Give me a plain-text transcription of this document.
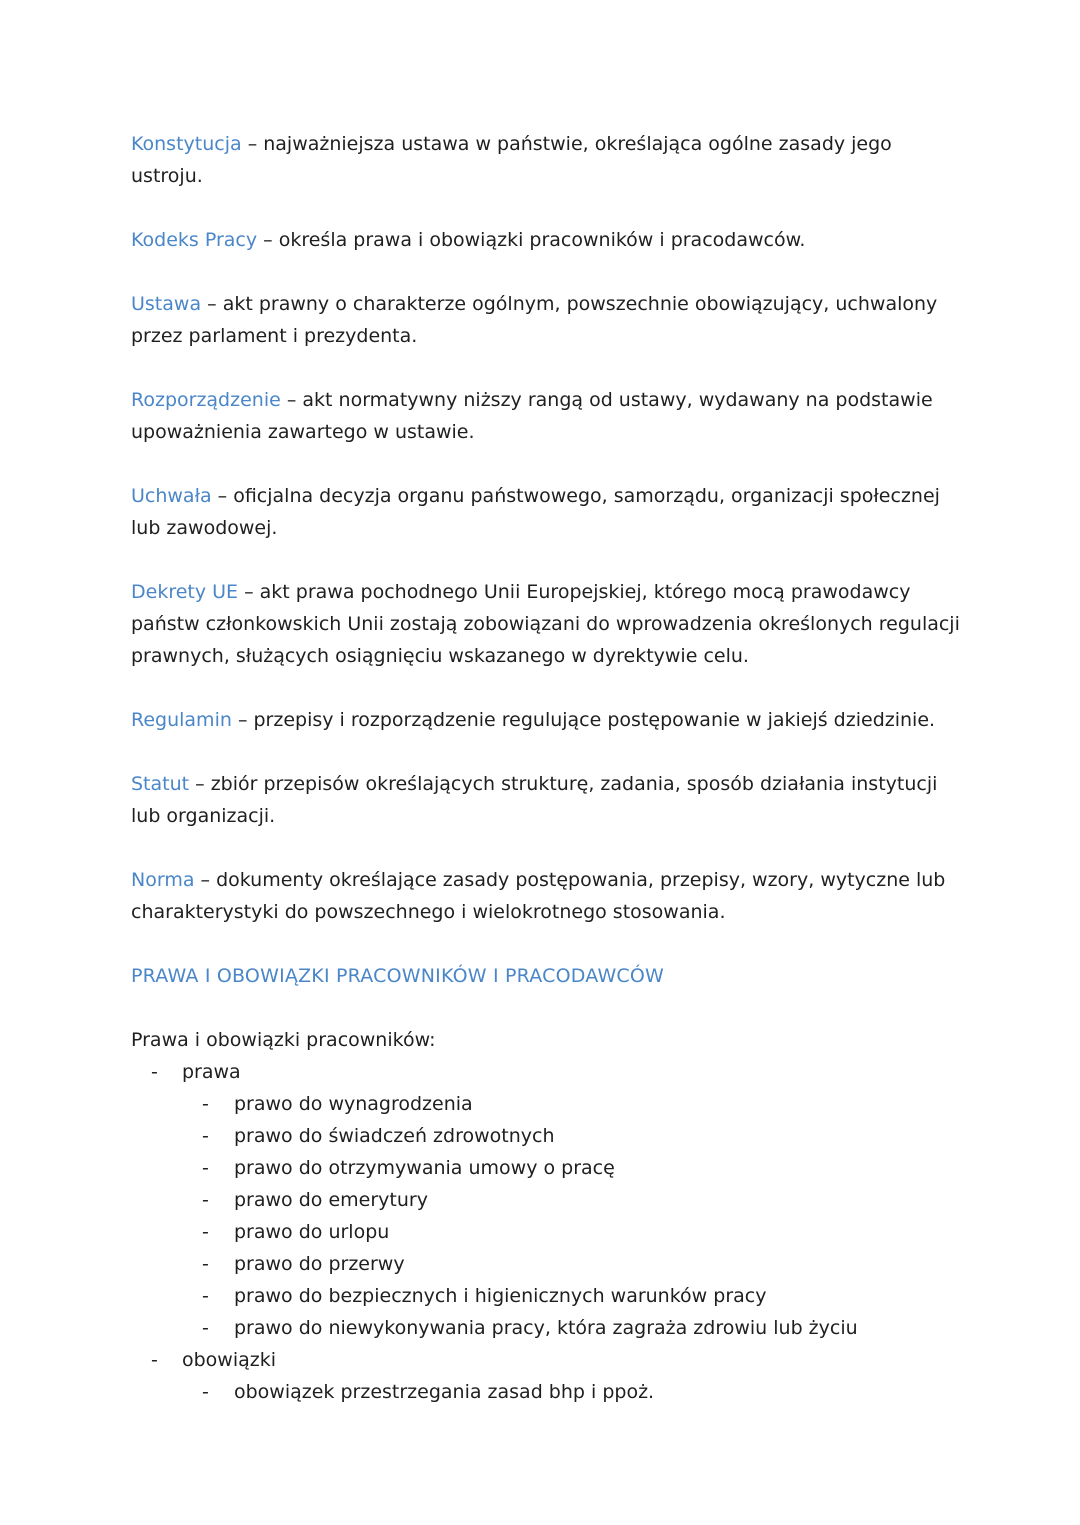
Konstytucja – najważniejsza ustawa w państwie, określająca ogólne zasady jego ustroju.

Kodeks Pracy – określa prawa i obowiązki pracowników i pracodawców.

Ustawa – akt prawny o charakterze ogólnym, powszechnie obowiązujący, uchwalony przez parlament i prezydenta.

Rozporządzenie – akt normatywny niższy rangą od ustawy, wydawany na podstawie upoważnienia zawartego w ustawie.

Uchwała – oficjalna decyzja organu państwowego, samorządu, organizacji społecznej lub zawodowej.

Dekrety UE – akt prawa pochodnego Unii Europejskiej, którego mocą prawodawcy państw członkowskich Unii zostają zobowiązani do wprowadzenia określonych regulacji prawnych, służących osiągnięciu wskazanego w dyrektywie celu.

Regulamin – przepisy i rozporządzenie regulujące postępowanie w jakiejś dziedzinie.

Statut – zbiór przepisów określających strukturę, zadania, sposób działania instytucji lub organizacji.

Norma – dokumenty określające zasady postępowania, przepisy, wzory, wytyczne lub charakterystyki do powszechnego i wielokrotnego stosowania.

PRAWA I OBOWIĄZKI PRACOWNIKÓW I PRACODAWCÓW

Prawa i obowiązki pracowników:

- prawa
- prawo do wynagrodzenia
- prawo do świadczeń zdrowotnych
- prawo do otrzymywania umowy o pracę
- prawo do emerytury
- prawo do urlopu
- prawo do przerwy
- prawo do bezpiecznych i higienicznych warunków pracy
- prawo do niewykonywania pracy, która zagraża zdrowiu lub życiu
- obowiązki
- obowiązek przestrzegania zasad bhp i ppoż.
